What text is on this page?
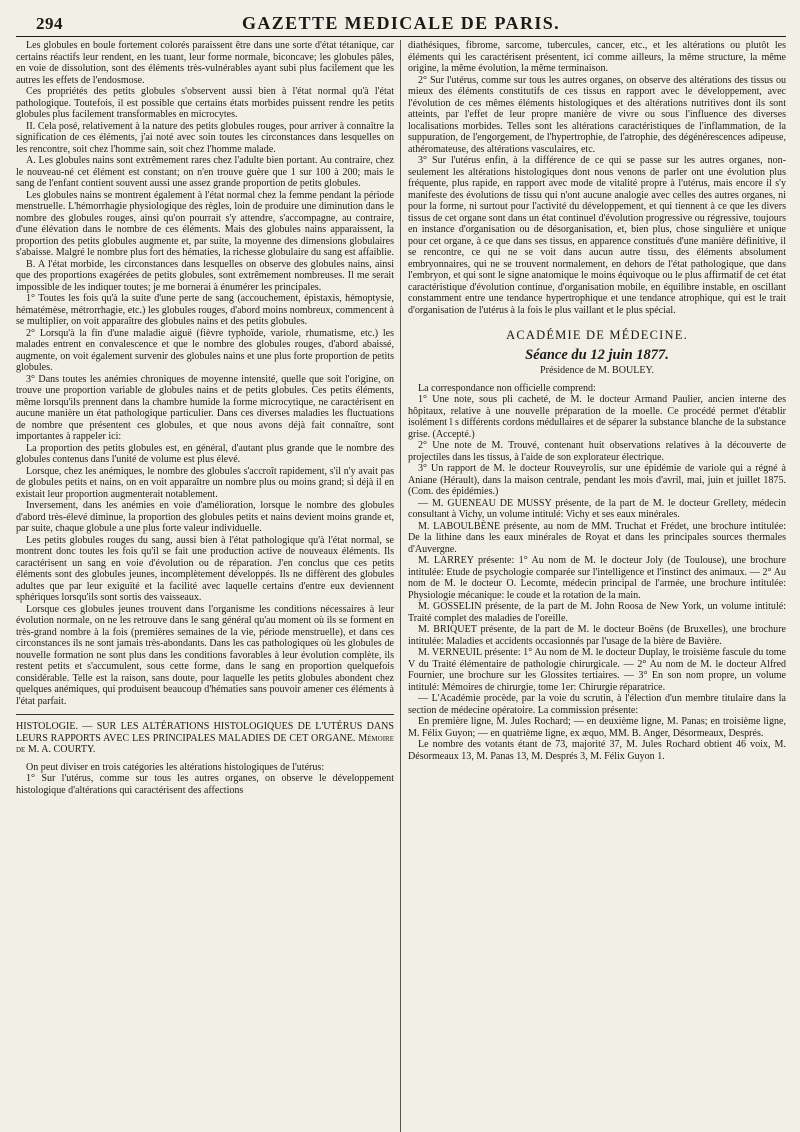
294	GAZETTE MEDICALE DE PARIS.

Les globules en boule fortement colorés paraissent être dans une sorte d'état tétanique, car certains réactifs leur rendent, en les tuant, leur forme normale, biconcave; les globules pâles, en voie de dissolution, sont des éléments très-vulnérables ayant subi plus facilement que les autres les effets de l'endosmose.

Ces propriétés des petits globules s'observent aussi bien à l'état normal qu'à l'état pathologique. Toutefois, il est possible que certains états morbides puissent rendre les petits globules plus facilement transformables en microcytes.

II. Cela posé, relativement à la nature des petits globules rouges, pour arriver à connaître la signification de ces éléments, j'ai noté avec soin toutes les circonstances dans lesquelles on les rencontre, soit chez l'homme sain, soit chez l'homme malade.

A. Les globules nains sont extrêmement rares chez l'adulte bien portant. Au contraire, chez le nouveau-né cet élément est constant; on n'en trouve guère que 1 sur 100 à 200; mais le sang de l'enfant contient souvent aussi une assez grande proportion de petits globules.

Les globules nains se montrent également à l'état normal chez la femme pendant la période menstruelle. L'hémorrhagie physiologique des règles, loin de produire une diminution dans le nombre des globules rouges, ainsi qu'on pourrait s'y attendre, s'accompagne, au contraire, d'une élévation dans le nombre de ces éléments. Mais des globules nains apparaissent, la proportion des petits globules augmente et, par suite, la moyenne des dimensions globulaires s'abaisse. Malgré le nombre plus fort des hématies, la richesse globulaire du sang est affaiblie.

B. A l'état morbide, les circonstances dans lesquelles on observe des globules nains, ainsi que des proportions exagérées de petits globules, sont extrêmement nombreuses. Il me serait impossible de les indiquer toutes; je me bornerai à énumérer les principales.

1° Toutes les fois qu'à la suite d'une perte de sang (accouchement, épistaxis, hémoptysie, hématémèse, métrorrhagie, etc.) les globules rouges, d'abord moins nombreux, commencent à se multiplier, on voit apparaître des globules nains et des petits globules.

2° Lorsqu'à la fin d'une maladie aiguë (fièvre typhoïde, variole, rhumatisme, etc.) les malades entrent en convalescence et que le nombre des globules rouges, d'abord abaissé, augmente, on voit également survenir des globules nains et une plus forte proportion de petits globules.

3° Dans toutes les anémies chroniques de moyenne intensité, quelle que soit l'origine, on trouve une proportion variable de globules nains et de petits globules. Ces petits éléments, même lorsqu'ils prennent dans la chambre humide la forme microcytique, ne caractérisent en aucune manière un état pathologique particulier. Dans ces diverses maladies les fluctuations de nombre que présentent ces globules, et que nous avons déjà fait connaître, sont importantes à rappeler ici:

La proportion des petits globules est, en général, d'autant plus grande que le nombre des globules contenus dans l'unité de volume est plus élevé.

Lorsque, chez les anémiques, le nombre des globules s'accroît rapidement, s'il n'y avait pas de globules petits et nains, on en voit apparaître un nombre plus ou moins grand; si déjà il en existait leur proportion augmenterait notablement.

Inversement, dans les anémies en voie d'amélioration, lorsque le nombre des globules d'abord très-élevé diminue, la proportion des globules petits et nains devient moins grande et, par suite, chaque globule a une plus forte valeur individuelle.

Les petits globules rouges du sang, aussi bien à l'état pathologique qu'à l'état normal, se montrent donc toutes les fois qu'il se fait une production active de nouveaux éléments. Ils caractérisent un sang en voie d'évolution ou de réparation. J'en conclus que ces petits éléments sont des globules jeunes, incomplètement développés. Ils ne diffèrent des globules adultes que par leur exiguïté et la facilité avec laquelle certains d'entre eux deviennent sphériques lorsqu'ils sont sortis des vaisseaux.

Lorsque ces globules jeunes trouvent dans l'organisme les conditions nécessaires à leur évolution normale, on ne les retrouve dans le sang général qu'au moment où ils se forment en très-grand nombre à la fois (premières semaines de la vie, période menstruelle), et dans ces circonstances ils ne sont jamais très-abondants. Dans les cas pathologiques où les globules de nouvelle formation ne sont plus dans les conditions favorables à leur évolution complète, ils restent petits et s'accumulent, sous cette forme, dans le sang en proportion quelquefois considérable. Telle est la raison, sans doute, pour laquelle les petits globules abondent chez quelques anémiques, qui produisent beaucoup d'hématies sans pouvoir amener ces éléments à l'état parfait.

HISTOLOGIE. — SUR LES ALTÉRATIONS HISTOLOGIQUES DE L'UTÉRUS DANS LEURS RAPPORTS AVEC LES PRINCIPALES MALADIES DE CET ORGANE. Mémoire de M. A. COURTY.

On peut diviser en trois catégories les altérations histologiques de l'utérus:

1° Sur l'utérus, comme sur tous les autres organes, on observe le développement histologique d'altérations qui caractérisent des affections

diathésiques, fibrome, sarcome, tubercules, cancer, etc., et les altérations ou plutôt les éléments qui les caractérisent présentent, ici comme ailleurs, la même structure, la même origine, la même évolution, la même terminaison.

2° Sur l'utérus, comme sur tous les autres organes, on observe des altérations des tissus ou mieux des éléments constitutifs de ces tissus en rapport avec le développement, avec l'évolution de ces mêmes éléments histologiques et des altérations nutritives dont ils sont atteints, par l'effet de leur propre manière de vivre ou sous l'influence des diverses localisations morbides. Telles sont les altérations caractéristiques de l'inflammation, de la suppuration, de l'engorgement, de l'hypertrophie, de l'atrophie, des dégénérescences adipeuse, athéromateuse, des altérations vasculaires, etc.

3° Sur l'utérus enfin, à la différence de ce qui se passe sur les autres organes, non-seulement les altérations histologiques dont nous venons de parler ont une évolution plus fréquente, plus rapide, en rapport avec mode de vitalité propre à l'utérus, mais encore il s'y manifeste des évolutions de tissu qui n'ont aucune analogie avec celles des autres organes, ni pour la forme, ni surtout pour l'activité du développement, et qui tiennent à ce que les divers tissus de cet organe sont dans un état continuel d'évolution progressive ou régressive, toujours en instance d'organisation ou de désorganisation, et, bien plus, chose singulière et unique pour cet organe, à ce que dans ses tissus, en apparence constitués d'une manière définitive, il se rencontre, ce qui ne se voit dans aucun autre tissu, des éléments absolument embryonnaires, qui ne se trouvent normalement, en dehors de l'état pathologique, que dans l'embryon, et qui sont le signe anatomique le moins équivoque ou le plus affirmatif de cet état caractéristique d'évolution continue, d'organisation mobile, en équilibre instable, en oscillant constamment entre une tendance hypertrophique et une tendance atrophique, qui est le trait d'organisation de l'utérus à la fois le plus vaillant et le plus spécial.

ACADÉMIE DE MÉDECINE.
Séance du 12 juin 1877.
Présidence de M. BOULEY.

La correspondance non officielle comprend:

1° Une note, sous pli cacheté, de M. le docteur Armand Paulier, ancien interne des hôpitaux, relative à une nouvelle préparation de la moelle. Ce procédé permet d'établir isolément l s différents cordons médullaires et de séparer la substance blanche de la substance grise. (Accepté.)

2° Une note de M. Trouvé, contenant huit observations relatives à la découverte de projectiles dans les tissus, à l'aide de son explorateur électrique.

3° Un rapport de M. le docteur Rouveyrolis, sur une épidémie de variole qui a régné à Aniane (Hérault), dans la maison centrale, pendant les mois d'avril, mai, juin et juillet 1875. (Com. des épidémies.)

— M. GUENEAU DE MUSSY présente, de la part de M. le docteur Grellety, médecin consultant à Vichy, un volume intitulé: Vichy et ses eaux minérales.

M. LABOULBÈNE présente, au nom de MM. Truchat et Frédet, une brochure intitulée: De la lithine dans les eaux minérales de Royat et dans les principales sources thermales d'Auvergne.

M. LARREY présente: 1° Au nom de M. le docteur Joly (de Toulouse), une brochure intitulée: Etude de psychologie comparée sur l'intelligence et l'instinct des animaux. — 2° Au nom de M. le docteur O. Lecomte, médecin principal de l'armée, une brochure intitulée: Physiologie mécanique: le coude et la rotation de la main.

M. GOSSELIN présente, de la part de M. John Roosa de New York, un volume intitulé: Traité complet des maladies de l'oreille.

M. BRIQUET présente, de la part de M. le docteur Boëns (de Bruxelles), une brochure intitulée: Maladies et accidents occasionnés par l'usage de la bière de Bavière.

M. VERNEUIL présente: 1° Au nom de M. le docteur Duplay, le troisième fascule du tome V du Traité élémentaire de pathologie chirurgicale. — 2° Au nom de M. le docteur Alfred Fournier, une brochure sur les Glossites tertiaires. — 3° En son nom propre, un volume intitulé: Mémoires de chirurgie, tome 1er: Chirurgie réparatrice.

— L'Académie procède, par la voie du scrutin, à l'élection d'un membre titulaire dans la section de médecine opératoire. La commission présente:

En première ligne, M. Jules Rochard; — en deuxième ligne, M. Panas; en troisième ligne, M. Félix Guyon; — en quatrième ligne, ex æquo, MM. B. Anger, Désormeaux, Després.

Le nombre des votants étant de 73, majorité 37, M. Jules Rochard obtient 46 voix, M. Désormeaux 13, M. Panas 13, M. Després 3, M. Félix Guyon 1.
